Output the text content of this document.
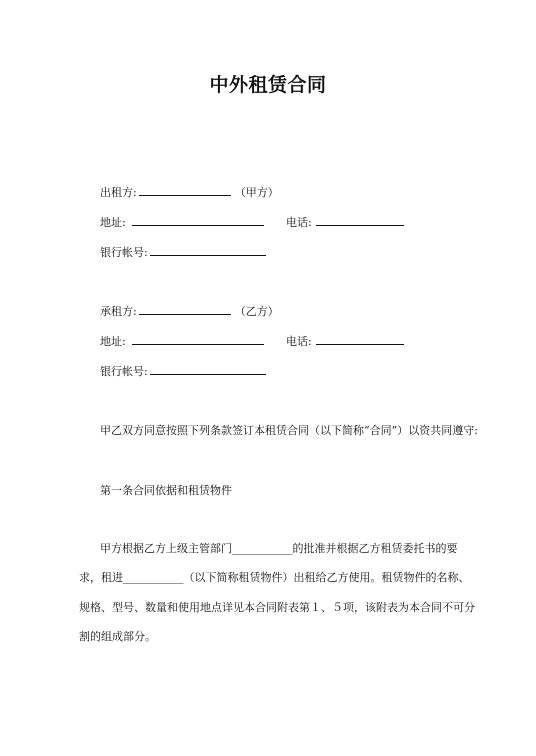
中外租赁合同
出租方:	（甲方）
地址:	电话:
银行帐号:
承租方:	（乙方）
地址:	电话:
银行帐号:
甲乙双方同意按照下列条款签订本租赁合同（以下简称“合同”）以资共同遵守:
第一条合同依据和租赁物件
甲方根据乙方上级主管部门___________的批准并根据乙方租赁委托书的要
求，租进___________（以下简称租赁物件）出租给乙方使用。租赁物件的名称、
规格、型号、数量和使用地点详见本合同附表第１、５项，该附表为本合同不可分
割的组成部分。
